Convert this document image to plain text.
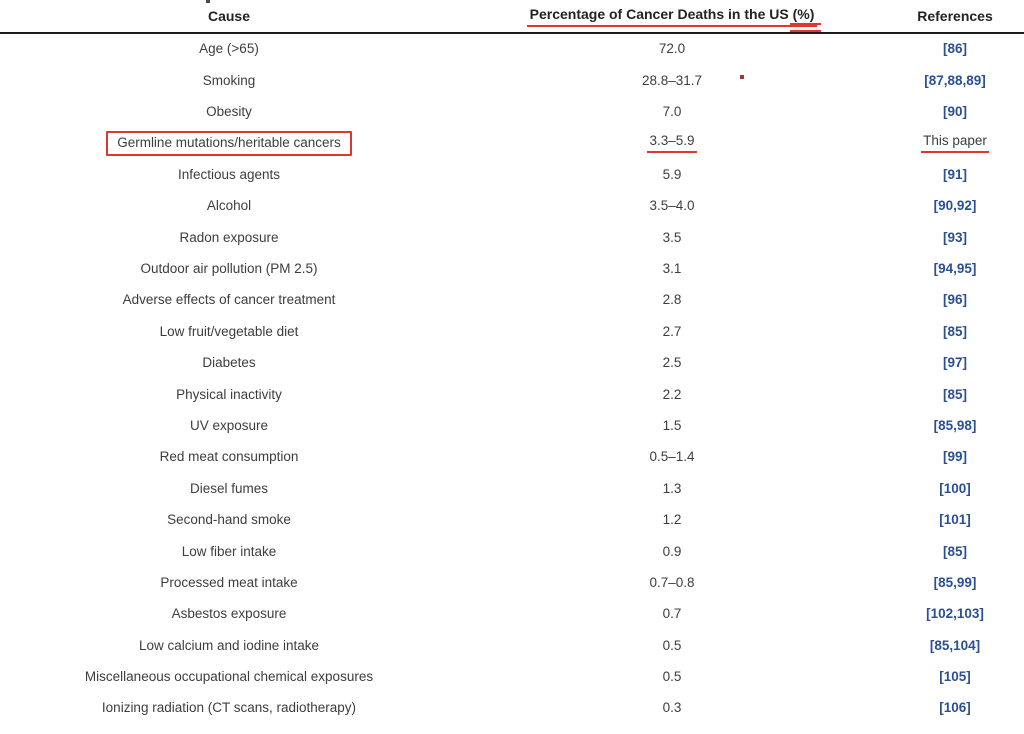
Cause	Percentage of Cancer Deaths in the US (%)	References
Age (>65)	72.0	[86]
Smoking	28.8–31.7	[87,88,89]
Obesity	7.0	[90]
Germline mutations/heritable cancers	3.3–5.9	This paper
Infectious agents	5.9	[91]
Alcohol	3.5–4.0	[90,92]
Radon exposure	3.5	[93]
Outdoor air pollution (PM 2.5)	3.1	[94,95]
Adverse effects of cancer treatment	2.8	[96]
Low fruit/vegetable diet	2.7	[85]
Diabetes	2.5	[97]
Physical inactivity	2.2	[85]
UV exposure	1.5	[85,98]
Red meat consumption	0.5–1.4	[99]
Diesel fumes	1.3	[100]
Second-hand smoke	1.2	[101]
Low fiber intake	0.9	[85]
Processed meat intake	0.7–0.8	[85,99]
Asbestos exposure	0.7	[102,103]
Low calcium and iodine intake	0.5	[85,104]
Miscellaneous occupational chemical exposures	0.5	[105]
Ionizing radiation (CT scans, radiotherapy)	0.3	[106]
